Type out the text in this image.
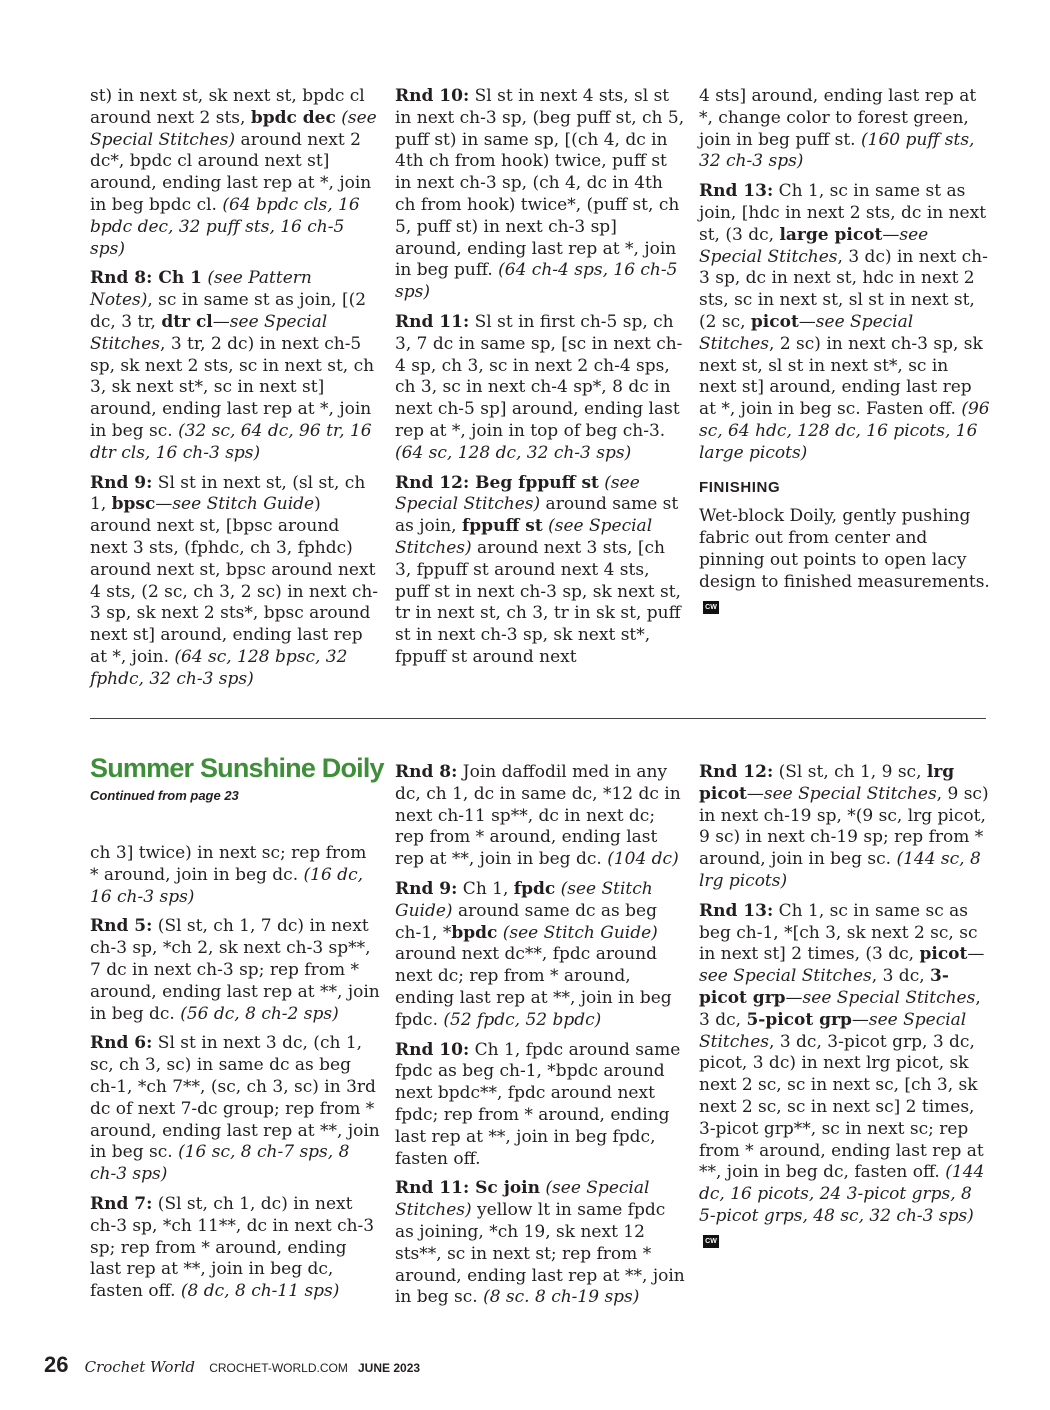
st) in next st, sk next st, bpdc cl around next 2 sts, bpdc dec (see Special Stitches) around next 2 dc*, bpdc cl around next st] around, ending last rep at *, join in beg bpdc cl. (64 bpdc cls, 16 bpdc dec, 32 puff sts, 16 ch-5 sps)

Rnd 8: Ch 1 (see Pattern Notes), sc in same st as join, [(2 dc, 3 tr, dtr cl—see Special Stitches, 3 tr, 2 dc) in next ch-5 sp, sk next 2 sts, sc in next st, ch 3, sk next st*, sc in next st] around, ending last rep at *, join in beg sc. (32 sc, 64 dc, 96 tr, 16 dtr cls, 16 ch-3 sps)

Rnd 9: Sl st in next st, (sl st, ch 1, bpsc—see Stitch Guide) around next st, [bpsc around next 3 sts, (fphdc, ch 3, fphdc) around next st, bpsc around next 4 sts, (2 sc, ch 3, 2 sc) in next ch-3 sp, sk next 2 sts*, bpsc around next st] around, ending last rep at *, join. (64 sc, 128 bpsc, 32 fphdc, 32 ch-3 sps)

Rnd 10: Sl st in next 4 sts, sl st in next ch-3 sp, (beg puff st, ch 5, puff st) in same sp, [(ch 4, dc in 4th ch from hook) twice, puff st in next ch-3 sp, (ch 4, dc in 4th ch from hook) twice*, (puff st, ch 5, puff st) in next ch-3 sp] around, ending last rep at *, join in beg puff. (64 ch-4 sps, 16 ch-5 sps)

Rnd 11: Sl st in first ch-5 sp, ch 3, 7 dc in same sp, [sc in next ch-4 sp, ch 3, sc in next 2 ch-4 sps, ch 3, sc in next ch-4 sp*, 8 dc in next ch-5 sp] around, ending last rep at *, join in top of beg ch-3. (64 sc, 128 dc, 32 ch-3 sps)

Rnd 12: Beg fppuff st (see Special Stitches) around same st as join, fppuff st (see Special Stitches) around next 3 sts, [ch 3, fppuff st around next 4 sts, puff st in next ch-3 sp, sk next st, tr in next st, ch 3, tr in sk st, puff st in next ch-3 sp, sk next st*, fppuff st around next

4 sts] around, ending last rep at *, change color to forest green, join in beg puff st. (160 puff sts, 32 ch-3 sps)

Rnd 13: Ch 1, sc in same st as join, [hdc in next 2 sts, dc in next st, (3 dc, large picot—see Special Stitches, 3 dc) in next ch-3 sp, dc in next st, hdc in next 2 sts, sc in next st, sl st in next st, (2 sc, picot—see Special Stitches, 2 sc) in next ch-3 sp, sk next st, sl st in next st*, sc in next st] around, ending last rep at *, join in beg sc. Fasten off. (96 sc, 64 hdc, 128 dc, 16 picots, 16 large picots)

FINISHING

Wet-block Doily, gently pushing fabric out from center and pinning out points to open lacy design to finished measurements.CW

Summer Sunshine Doily
Continued from page 23

ch 3] twice) in next sc; rep from * around, join in beg dc. (16 dc, 16 ch-3 sps)

Rnd 5: (Sl st, ch 1, 7 dc) in next ch-3 sp, *ch 2, sk next ch-3 sp**, 7 dc in next ch-3 sp; rep from * around, ending last rep at **, join in beg dc. (56 dc, 8 ch-2 sps)

Rnd 6: Sl st in next 3 dc, (ch 1, sc, ch 3, sc) in same dc as beg ch-1, *ch 7**, (sc, ch 3, sc) in 3rd dc of next 7-dc group; rep from * around, ending last rep at **, join in beg sc. (16 sc, 8 ch-7 sps, 8 ch-3 sps)

Rnd 7: (Sl st, ch 1, dc) in next ch-3 sp, *ch 11**, dc in next ch-3 sp; rep from * around, ending last rep at **, join in beg dc, fasten off. (8 dc, 8 ch-11 sps)

Rnd 8: Join daffodil med in any dc, ch 1, dc in same dc, *12 dc in next ch-11 sp**, dc in next dc; rep from * around, ending last rep at **, join in beg dc. (104 dc)

Rnd 9: Ch 1, fpdc (see Stitch Guide) around same dc as beg ch-1, *bpdc (see Stitch Guide) around next dc**, fpdc around next dc; rep from * around, ending last rep at **, join in beg fpdc. (52 fpdc, 52 bpdc)

Rnd 10: Ch 1, fpdc around same fpdc as beg ch-1, *bpdc around next bpdc**, fpdc around next fpdc; rep from * around, ending last rep at **, join in beg fpdc, fasten off.

Rnd 11: Sc join (see Special Stitches) yellow lt in same fpdc as joining, *ch 19, sk next 12 sts**, sc in next st; rep from * around, ending last rep at **, join in beg sc. (8 sc. 8 ch-19 sps)

Rnd 12: (Sl st, ch 1, 9 sc, lrg picot—see Special Stitches, 9 sc) in next ch-19 sp, *(9 sc, lrg picot, 9 sc) in next ch-19 sp; rep from * around, join in beg sc. (144 sc, 8 lrg picots)

Rnd 13: Ch 1, sc in same sc as beg ch-1, *[ch 3, sk next 2 sc, sc in next st] 2 times, (3 dc, picot—see Special Stitches, 3 dc, 3-picot grp—see Special Stitches, 3 dc, 5-picot grp—see Special Stitches, 3 dc, 3-picot grp, 3 dc, picot, 3 dc) in next lrg picot, sk next 2 sc, sc in next sc, [ch 3, sk next 2 sc, sc in next sc] 2 times, 3-picot grp**, sc in next sc; rep from * around, ending last rep at **, join in beg dc, fasten off. (144 dc, 16 picots, 24 3-picot grps, 8 5-picot grps, 48 sc, 32 ch-3 sps)CW

26 Crochet World CROCHET-WORLD.COM JUNE 2023
